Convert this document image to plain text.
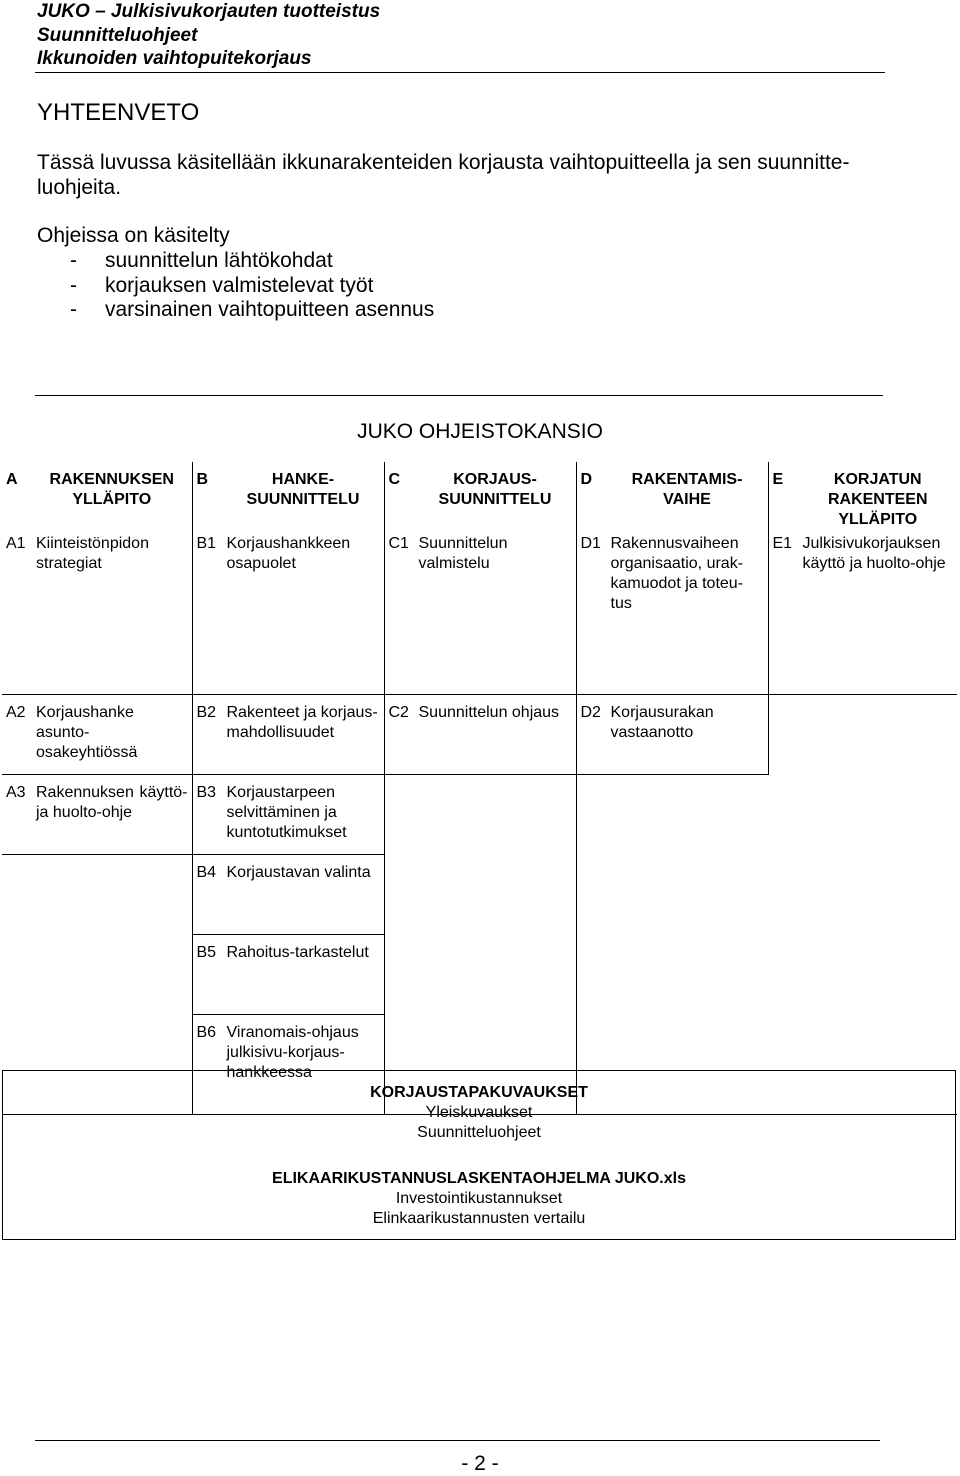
JUKO – Julkisivukorjauten tuotteistus
Suunnitteluohjeet
Ikkunoiden vaihtopuitekorjaus
YHTEENVETO
Tässä luvussa käsitellään ikkunarakenteiden korjausta vaihtopuitteella ja sen suunnitte-
luohjeita.
Ohjeissa on käsitelty
- suunnittelun lähtökohdat
- korjauksen valmistelevat työt
- varsinainen vaihtopuitteen asennus
JUKO OHJEISTOKANSIO
A RAKENNUKSEN YLLÄPITO	B HANKE- SUUNNITTELU	C KORJAUS- SUUNNITTELU	D RAKENTAMIS- VAIHE	E KORJATUN RAKENTEEN YLLÄPITO

A1 Kiinteistönpidon strategiat	B1 Korjaushankkeen osapuolet	C1 Suunnittelun valmistelu	D1 Rakennusvaiheen organisaatio, urak-kamuodot ja toteu-tus	E1 Julkisivukorjauksen käyttö ja huolto-ohje

A2 Korjaushanke asunto-osakeyhtiössä	B2 Rakenteet ja korjaus-mahdollisuudet	C2 Suunnittelun ohjaus	D2 Korjausurakan vastaanotto	

A3 Rakennuksen käyttö- ja huolto-ohje	B3 Korjaustarpeen selvittäminen ja kuntotutkimukset			

	B4 Korjaustavan valinta			

	B5 Rahoitus-tarkastelut			

	B6 Viranomais-ohjaus julkisivu-korjaus-hankkeessa			

KORJAUSTAPAKUVAUKSET
Yleiskuvaukset
Suunnitteluohjeet
ELIKAARIKUSTANNUSLASKENTAOHJELMA JUKO.xls
Investointikustannukset
Elinkaarikustannusten vertailu
- 2 -
